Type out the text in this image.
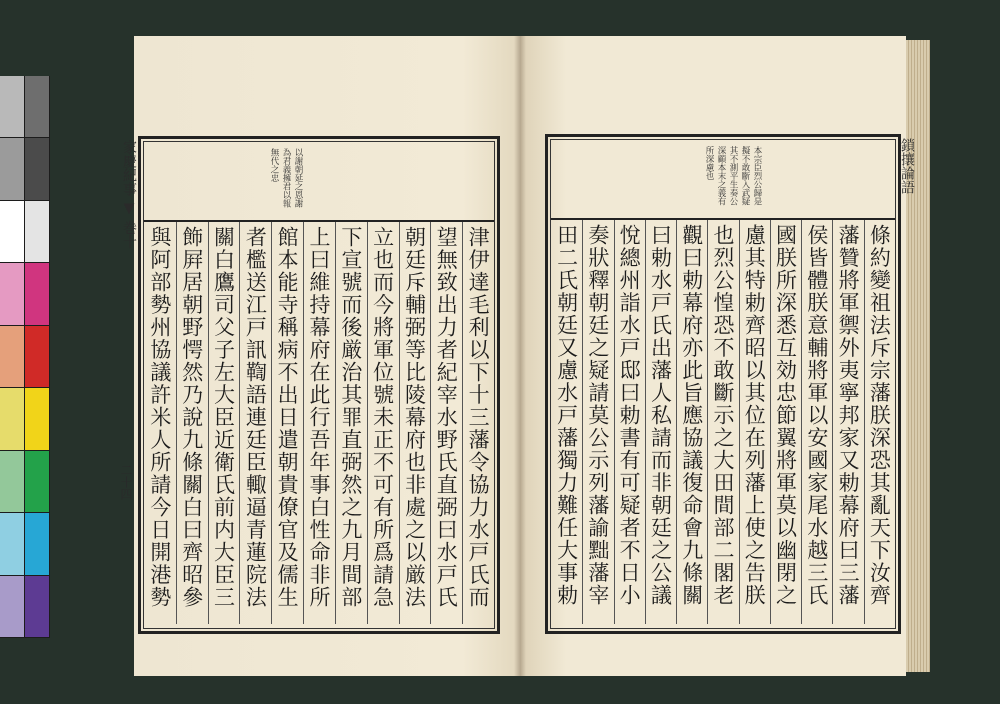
家慶紀事 ▼ 巻十
二十四
以謝朝延之恩謝
為君義擁君以報
無代之忠
津伊達毛利以下十三藩令協力水戸氏而
望無致出力者紀宰水野氏直弼曰水戸氏
朝廷斥輔弼等比陵幕府也非處之以厳法
立也而今將軍位號未正不可有所爲請急
下宣號而後厳治其罪直弼然之九月間部
上曰維持幕府在此行吾年事白性命非所
館本能寺稱病不出日遣朝貴僚官及儒生
者檻送江戸訊鞫語連廷臣輙逼青蓮院法
關白鷹司父子左大臣近衛氏前内大臣三
飾屛居朝野愕然乃說九條關白曰齊昭參
與阿部勢州協議許米人所請今日開港勢
鎖攘論語
本宗臣烈公歸是
擬不敢斷入武疑
其不測平生奏公
深顧本末之義有
所深慮也
條約變祖法斥宗藩朕深恐其亂天下汝齊
藩贊將軍禦外夷寧邦家又勅幕府曰三藩
侯皆體朕意輔將軍以安國家尾水越三氏
國朕所深悉互効忠節翼將軍莫以幽閉之
慮其特勅齊昭以其位在列藩上使之告朕
也烈公惶恐不敢斷示之大田間部二閣老
觀曰勅幕府亦此旨應協議復命會九條關
曰勅水戸氏出藩人私請而非朝廷之公議
悅總州詣水戸邸曰勅書有可疑者不日小
奏狀釋朝廷之疑請莫公示列藩諭黜藩宰
田二氏朝廷又慮水戸藩獨力難任大事勅
